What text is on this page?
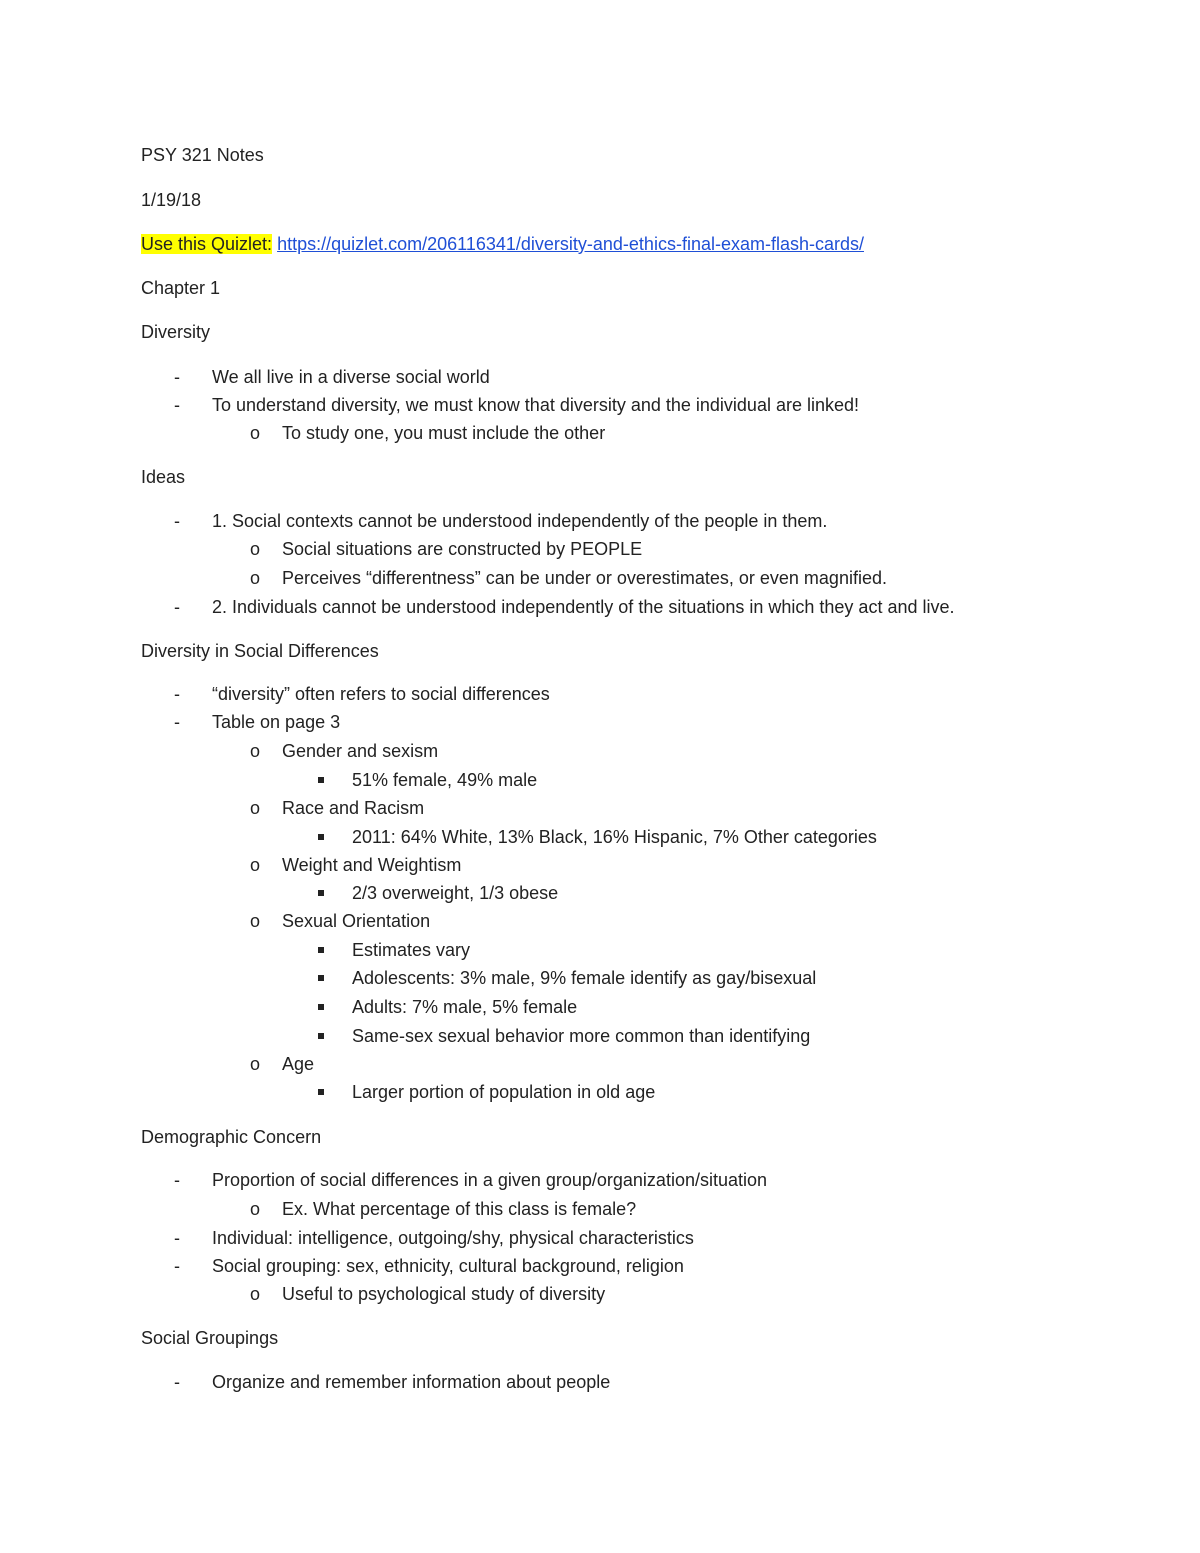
PSY 321 Notes
1/19/18
Use this Quizlet: https://quizlet.com/206116341/diversity-and-ethics-final-exam-flash-cards/
Chapter 1
Diversity
-	We all live in a diverse social world
-	To understand diversity, we must know that diversity and the individual are linked!
o	To study one, you must include the other
Ideas
-	1. Social contexts cannot be understood independently of the people in them.
o	Social situations are constructed by PEOPLE
o	Perceives “differentness” can be under or overestimates, or even magnified.
-	2. Individuals cannot be understood independently of the situations in which they act and live.
Diversity in Social Differences
-	“diversity” often refers to social differences
-	Table on page 3
o	Gender and sexism
51% female, 49% male
o	Race and Racism
2011: 64% White, 13% Black, 16% Hispanic, 7% Other categories
o	Weight and Weightism
2/3 overweight, 1/3 obese
o	Sexual Orientation
Estimates vary
Adolescents: 3% male, 9% female identify as gay/bisexual
Adults: 7% male, 5% female
Same-sex sexual behavior more common than identifying
o	Age
Larger portion of population in old age
Demographic Concern
-	Proportion of social differences in a given group/organization/situation
o	Ex. What percentage of this class is female?
-	Individual: intelligence, outgoing/shy, physical characteristics
-	Social grouping: sex, ethnicity, cultural background, religion
o	Useful to psychological study of diversity
Social Groupings
-	Organize and remember information about people
